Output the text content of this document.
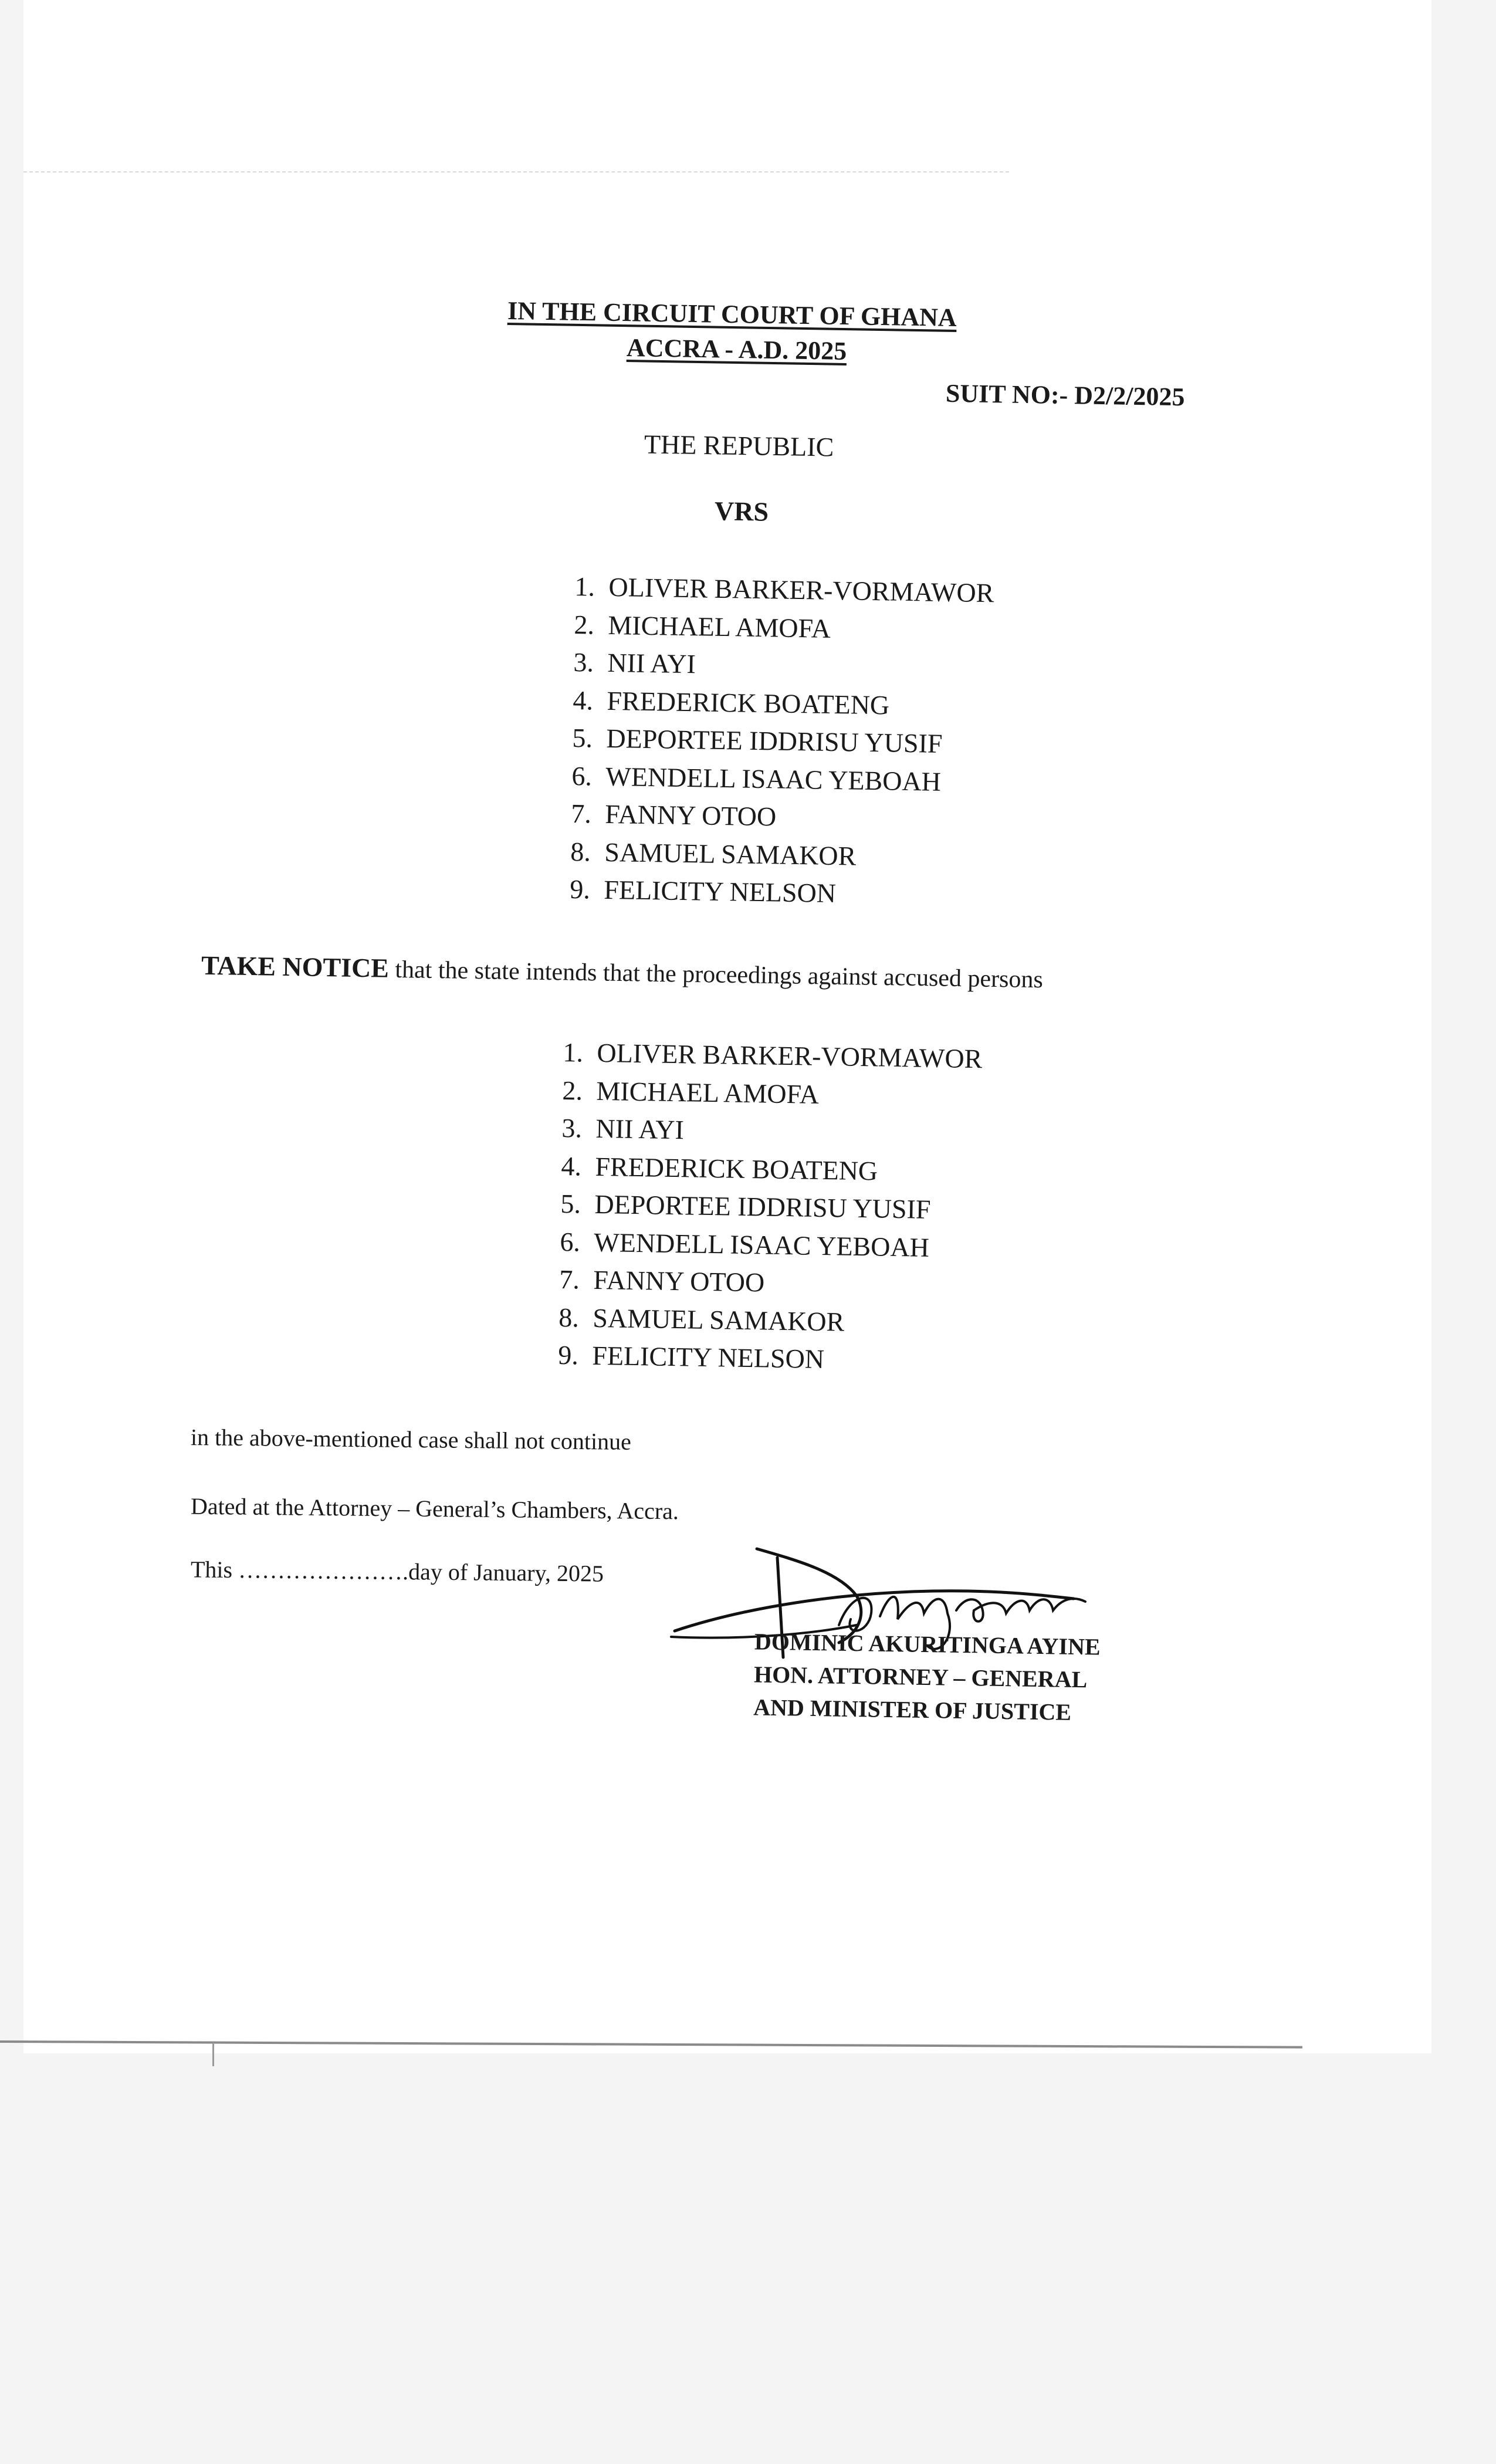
IN THE CIRCUIT COURT OF GHANA
ACCRA - A.D. 2025
SUIT NO:- D2/2/2025
THE REPUBLIC
VRS
1. OLIVER BARKER-VORMAWOR
2. MICHAEL AMOFA
3. NII AYI
4. FREDERICK BOATENG
5. DEPORTEE IDDRISU YUSIF
6. WENDELL ISAAC YEBOAH
7. FANNY OTOO
8. SAMUEL SAMAKOR
9. FELICITY NELSON
TAKE NOTICE that the state intends that the proceedings against accused persons
1. OLIVER BARKER-VORMAWOR
2. MICHAEL AMOFA
3. NII AYI
4. FREDERICK BOATENG
5. DEPORTEE IDDRISU YUSIF
6. WENDELL ISAAC YEBOAH
7. FANNY OTOO
8. SAMUEL SAMAKOR
9. FELICITY NELSON
in the above-mentioned case shall not continue
Dated at the Attorney – General’s Chambers, Accra.
This ………………….day of January, 2025
DOMINIC AKURITINGA AYINE
HON. ATTORNEY – GENERAL
AND MINISTER OF JUSTICE
